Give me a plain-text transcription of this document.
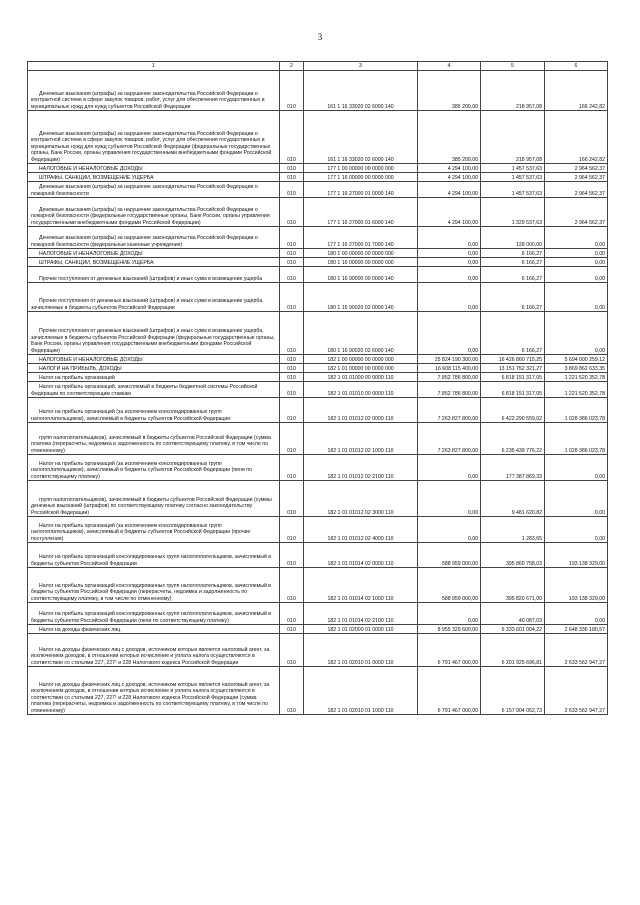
3
1	2	3	4	5	6
Денежные взыскания (штрафы) за нарушение законодательства Российской Федерации о контрактной системе в сфере закупок товаров, работ, услуг для обеспечения государственных и муниципальных нужд для нужд субъектов Российской Федерации	010	161 1 16 33020 02 6000 140	385 209,00	218 957,08	166 242,82
Денежные взыскания (штрафы) за нарушение законодательства Российской Федерации о контрактной системе в сфере закупок товаров, работ, услуг для обеспечения государственных и муниципальных нужд для нужд субъектов Российской Федерации (федеральные государственные органы, Банк России, органы управления государственными внебюджетными фондами Российской Федерации)	010	161 1 16 33020 02 6000 140	385 209,00	218 957,08	166 242,82
НАЛОГОВЫЕ И НЕНАЛОГОВЫЕ ДОХОДЫ	010	177 1 00 00000 00 0000 000	4 294 100,00	1 457 537,63	2 964 562,37
ШТРАФЫ, САНКЦИИ, ВОЗМЕЩЕНИЕ УЩЕРБА	010	177 1 16 00000 00 0000 000	4 294 100,00	1 457 537,63	2 964 562,37
Денежные взыскания (штрафы) за нарушение законодательства Российской Федерации о пожарной безопасности	010	177 1 16 27000 01 0000 140	4 294 100,00	1 457 537,63	2 964 562,37
Денежные взыскания (штрафы) за нарушение законодательства Российской Федерации о пожарной безопасности (федеральные государственные органы, Банк России, органы управления государственными внебюджетными фондами Российской Федерации)	010	177 1 16 27000 01 6000 140	4 294 100,00	1 329 537,63	2 964 562,37
Денежные взыскания (штрафы) за нарушение законодательства Российской Федерации о пожарной безопасности (федеральные казенные учреждения)	010	177 1 16 27000 01 7000 140	0,00	128 000,00	0,00
НАЛОГОВЫЕ И НЕНАЛОГОВЫЕ ДОХОДЫ	010	180 1 00 00000 00 0000 000	0,00	6 166,27	0,00
ШТРАФЫ, САНКЦИИ, ВОЗМЕЩЕНИЕ УЩЕРБА	010	180 1 16 00000 00 0000 000	0,00	6 166,27	0,00
Прочие поступления от денежных взысканий (штрафов) и иных сумм в возмещение ущерба	010	180 1 16 90000 00 0000 140	0,00	6 166,27	0,00
Прочие поступления от денежных взысканий (штрафов) и иных сумм в возмещение ущерба, зачисляемые в бюджеты субъектов Российской Федерации	010	180 1 16 90020 02 0000 140	0,00	6 166,27	0,00
Прочие поступления от денежных взысканий (штрафов) и иных сумм в возмещение ущерба, зачисляемые в бюджеты субъектов Российской Федерации (федеральные государственные органы, Банк России, органы управления государственными внебюджетными фондами Российской Федерации)	010	180 1 16 90020 02 6000 140	0,00	6 166,27	0,00
НАЛОГОВЫЕ И НЕНАЛОГОВЫЕ ДОХОДЫ	010	182 1 00 00000 00 0000 000	25 824 190 300,00	16 426 860 715,25	5 694 000 259,12
НАЛОГИ НА ПРИБЫЛЬ, ДОХОДЫ	010	182 1 01 00000 00 0000 000	16 608 115 400,00	13 151 752 321,27	3 869 862 633,35
Налог на прибыль организаций	010	182 1 01 01000 00 0000 110	7 852 786 800,00	6 818 151 317,05	1 221 520 352,78
Налог на прибыль организаций, зачисляемый в бюджеты бюджетной системы Российской Федерации по соответствующим ставкам	010	182 1 01 01010 00 0000 110	7 852 786 800,00	6 818 151 317,05	1 221 520 352,78
Налог на прибыль организаций (за исключением консолидированных групп налогоплательщиков), зачисляемый в бюджеты субъектов Российской Федерации	010	182 1 01 01012 02 0000 110	7 263 827 800,00	6 422 290 559,02	1 028 386 023,78
групп налогоплательщиков), зачисляемый в бюджеты субъектов Российской Федерации (сумма платежа (перерасчеты, недоимка и задолженность по соответствующему платежу, в том числе по отмененному)	010	182 1 01 01012 02 1000 110	7 263 827 800,00	6 235 439 776,22	1 028 386 023,78
Налог на прибыль организаций (за исключением консолидированных групп налогоплательщиков), зачисляемый в бюджеты субъектов Российской Федерации (пени по соответствующему платежу)	010	182 1 01 01012 02 2100 110	0,00	177 387 869,33	0,00
групп налогоплательщиков), зачисляемый в бюджеты субъектов Российской Федерации (суммы денежных взысканий (штрафов) по соответствующему платежу согласно законодательству Российской Федерации)	010	182 1 01 01012 02 3000 110	0,00	9 481 620,82	0,00
Налог на прибыль организаций (за исключением консолидированных групп налогоплательщиков), зачисляемый в бюджеты субъектов Российской Федерации (прочие поступления)	010	182 1 01 01012 02 4000 110	0,00	1 283,65	0,00
Налог на прибыль организаций консолидированных групп налогоплательщиков, зачисляемый в бюджеты субъектов Российской Федерации	010	182 1 01 01014 02 0000 110	588 959 000,00	395 860 758,03	193 138 329,00
Налог на прибыль организаций консолидированных групп налогоплательщиков, зачисляемый в бюджеты субъектов Российской Федерации (перерасчеты, недоимка и задолженность по соответствующему платежу, в том числе по отмененному)	010	182 1 01 01014 02 1000 110	588 959 000,00	395 820 671,00	193 138 329,00
Налог на прибыль организаций консолидированных групп налогоплательщиков, зачисляемый в бюджеты субъектов Российской Федерации (пени по соответствующему платежу)	010	182 1 01 01014 02 2100 110	0,00	40 087,03	0,00
Налог на доходы физических лиц	010	182 1 01 02000 01 0000 110	8 955 329 600,00	6 333 601 004,22	2 648 336 180,57
Налог на доходы физических лиц с доходов, источником которых является налоговый агент, за исключением доходов, в отношении которых исчисление и уплата налога осуществляются в соответствии со статьями 227, 227¹ и 228 Налогового кодекса Российской Федерации	010	182 1 01 02010 01 0000 110	6 791 467 000,00	6 201 925 696,81	2 633 562 947,27
Налог на доходы физических лиц с доходов, источником которых является налоговый агент, за исключением доходов, в отношении которых исчисление и уплата налога осуществляются в соответствии со статьями 227, 227¹ и 228 Налогового кодекса Российской Федерации (сумма платежа (перерасчеты, недоимка и задолженность по соответствующему платежу, в том числе по отмененному)	010	182 1 01 02010 01 1000 110	6 791 467 000,00	6 157 904 052,73	2 633 562 947,27
